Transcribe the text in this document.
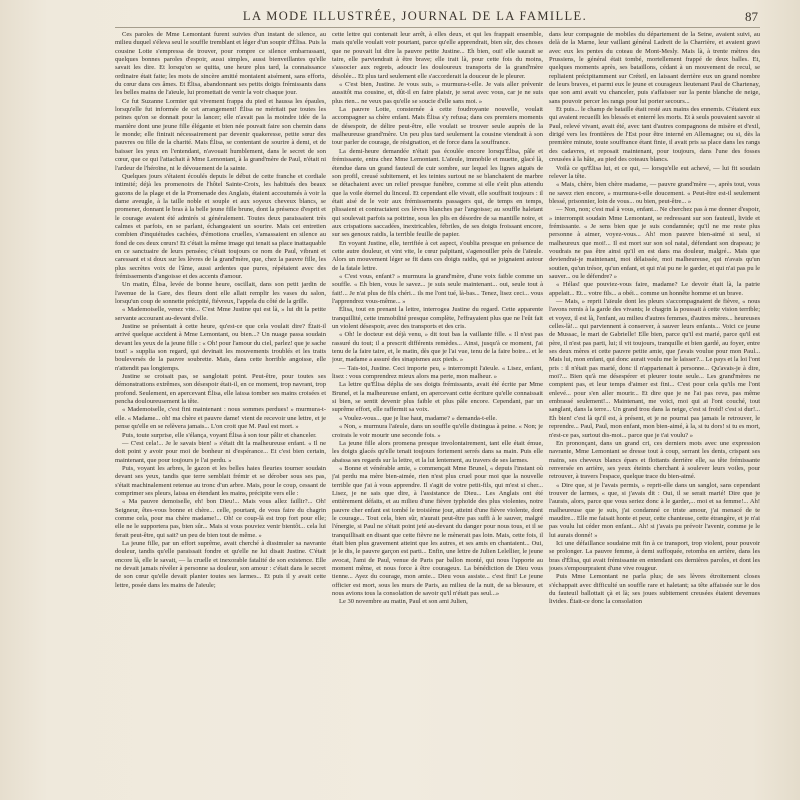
LA MODE ILLUSTRÉE, JOURNAL DE LA FAMILLE.	87

Ces paroles de Mme Lemontant furent suivies d'un instant de silence, au milieu duquel s'éleva seul le souffle tremblant et léger d'un soupir d'Élisa. Puis la cousine Lotte s'empressa de trouver, pour rompre ce silence embarrassant, quelques bonnes paroles d'espoir, aussi simples, aussi bienveillantes qu'elle savait les dire. Et lorsqu'on se quitta, une heure plus tard, la connaissance ordinaire était faite; les mots de sincère amitié montaient aisément, sans efforts, du cœur dans ces âmes. Et Élisa, abandonnant ses petits doigts frémissants dans les belles mains de l'aïeule, lui promettait de venir la voir chaque jour.

Ce fut Suzanne Lormier qui vivement frappa du pied et haussa les épaules, lorsqu'elle fut informée de cet arrangement! Élisa ne méritait par toutes les peines qu'on se donnait pour la lancer; elle n'avait pas la moindre idée de la manière dont une jeune fille élégante et bien née pouvait faire son chemin dans le monde; elle finirait nécessairement par devenir quakeresse, petite sœur des pauvres ou fille de la charité. Mais Élisa, se contentant de sourire à demi, et de baisser les yeux en l'entendant, n'avouait humblement, dans le secret de son cœur, que ce qui l'attachait à Mme Lemontant, à la grand'mère de Paul, n'était ni l'ardeur de l'héroïne, ni le dévouement de la sainte.

Quelques jours s'étaient écoulés depuis le début de cette franche et cordiale intimité; déjà les promenoirs de l'hôtel Sainte-Croix, les habitués des beaux gazons de la plage et de la Promenade des Anglais, étaient accoutumés à voir la dame aveugle, à la taille noble et souple et aux soyeux cheveux blancs, se promener, donnant le bras à la belle jeune fille brune, dont la présence d'esprit et le courage avaient été admirés si généralement. Toutes deux paraissaient très calmes et parfois, en se parlant, échangeaient un sourire. Mais cet entretien combien d'inquiétudes cachées, d'émotions cruelles, s'amassaient en silence au fond de ces deux cœurs! Et c'était la même image qui tenait sa place inattaquable en ce sanctuaire de leurs pensées; c'était toujours ce nom de Paul, vibrant et caressant et si doux sur les lèvres de la grand'mère, que, chez la pauvre fille, les plus secrètes voix de l'âme, aussi ardentes que pures, répétaient avec des frémissements d'angoisse et des accents d'amour.

Un matin, Élisa, levée de bonne heure, oscillait, dans son petit jardin de l'avenue de la Gare, des fleurs dont elle allait remplir les vases du salon, lorsqu'un coup de sonnette précipité, fiévreux, l'appela du côté de la grille.

« Mademoiselle, venez vite... C'est Mme Justine qui est là, » lui dit la petite servante accourant au-devant d'elle.

Justine se présentait à cette heure, qu'est-ce que cela voulait dire? Était-il arrivé quelque accident à Mme Lemontant, ou bien...? Un nuage passa soudain devant les yeux de la jeune fille : « Oh! pour l'amour du ciel, parlez! que je sache tout! » supplia son regard, qui devinait les mouvements troublés et les traits bouleversés de la pauvre soubrette. Mais, dans cette horrible angoisse, elle n'attendit pas longtemps.

Justine se croisait pas, se sanglotait point. Peut-être, pour toutes ses démonstrations extrêmes, son désespoir était-il, en ce moment, trop navrant, trop profond. Seulement, en apercevant Élisa, elle laissa tomber ses mains croisées et pencha douloureusement la tête.

« Mademoiselle, c'est fini maintenant : nous sommes perdues! » murmura-t-elle. « Madame... oh! ma chère et pauvre dame! vient de recevoir une lettre, et je pense qu'elle en se relèvera jamais... L'on croit que M. Paul est mort. »

Puis, toute surprise, elle s'élança, voyant Élisa à son tour pâlir et chanceler.

— C'est cela!... Je le savais bien! » s'était dit la malheureuse enfant. « Il ne doit point y avoir pour moi de bonheur ni d'espérance... Et c'est bien certain, maintenant, que pour toujours je l'ai perdu. »

Puis, voyant les arbres, le gazon et les belles haies fleuries tourner soudain devant ses yeux, tandis que terre semblait frémir et se dérober sous ses pas, s'était machinalement retenue au tronc d'un arbre. Mais, pour le coup, cessant de comprimer ses pleurs, laissa en étendant les mains, précipite vers elle :

« Ma pauvre demoiselle, eh! bon Dieu!... Mais vous allez faillir?... Oh! Seigneur, êtes-vous bonne et chère... celle, pourtant, de vous faire du chagrin comme cela, pour ma chère madame!... Oh! ce coup-là est trop fort pour elle; elle ne le supportera pas, bien sûr... Mais si vous pouviez venir bientôt... cela lui ferait peut-être, qui sait? un peu de bien tout de même. »

La jeune fille, par un effort suprême, avait cherché à dissimuler sa navrante douleur, tandis qu'elle paraissait fondre et qu'elle ne lui disait Justine. C'était encore là, elle le savait, — la cruelle et inexorable fatalité de son existence. Elle ne devait jamais révéler à personne sa douleur, son amour : c'était dans le secret de son cœur qu'elle devait planter toutes ses larmes... Et puis il y avait cette lettre, posée dans les mains de l'aïeule;

cette lettre qui contenait leur arrêt, à elles deux, et qui les frappait ensemble, mais qu'elle voulait voir pourtant, parce qu'elle apprendrait, bien sûr, des choses que ne pouvait lui dire la pauvre petite Justine... Eh bien, oui! elle saurait se taire, elle parviendrait à être brave; elle irait là, pour cette fois du moins, s'associer aux regrets, adoucir les douloureux transports de la grand'mère désolée... Et plus tard seulement elle s'accorderait la douceur de le pleurer.

« C'est bien, Justine. Je vous suis, » murmura-t-elle. Je vais aller prévenir aussitôt ma cousine, et, dût-il en faire plaisir, je serai avec vous, car je ne suis plus rien... ne veux pas qu'elle se soucie d'elle sans moi. »

La pauvre Lotte, consternée à cette foudroyante nouvelle, voulait accompagner sa chère enfant. Mais Élisa s'y refusa; dans ces premiers moments de désespoir, de délire peut-être, elle voulait se trouver seule auprès de la malheureuse grand'mère. Un peu plus tard seulement la cousine viendrait à son tour parler de courage, de résignation, et de force dans la souffrance.

La demi-heure demandée n'était pas écoulée encore lorsqu'Élisa, pâle et frémissante, entra chez Mme Lemontant. L'aïeule, immobile et muette, glacé là, étendue dans un grand fauteuil de cuir sombre, sur lequel les lignes aiguës de son profil, creusé subitement, et les teintes surtout ne se blanchaient de marbre se détachaient avec un relief presque funèbre, comme si elle s'eût plus attendu que la voile éternel du linceul. Et cependant elle vivait, elle souffrait toujours : il était aisé de le voir aux frémissements passagers qui, de temps en temps, plissaient et contractaient ces lèvres blanches par l'angoisse; au souffle haletant qui soulevait parfois sa poitrine, sous les plis en désordre de sa mantille noire, et aux crispations saccadées, inextricables, fébriles, de ses doigts froissant encore, sur ses genoux raidis, la terrible feuille de papier.

En voyant Justine, elle, terrifiée à cet aspect, s'oublia presque en présence de cette autre douleur, et vint vite, le cœur palpitant, s'agenouiller près de l'aïeule. Alors un mouvement léger se fit dans ces doigts raidis, qui se joignaient autour de la fatale lettre.

« C'est vous, enfant? » murmura la grand'mère, d'une voix faible comme un souffle. « Eh bien, vous le savez... je suis seule maintenant... oui, seule tout à fait!... Je n'ai plus de fils chéri... ils me l'ont tué, là-bas... Tenez, lisez ceci... vous l'apprendrez vous-même... »

Élisa, tout en prenant la lettre, interrogea Justine du regard. Cette apparente tranquillité, cette immobilité presque complète, l'effrayaient plus que ne l'eût fait un violent désespoir, avec des transports et des cris.

« Oh! le docteur est déjà venu, » dit tout bas la vaillante fille. « Il n'est pas rassuré du tout; il a prescrit différents remèdes... Ainsi, jusqu'à ce moment, j'ai tenu de la faire taire, et, le matin, dès que je l'ai vue, tenu de la faire boire... et le jour, madame a assuré des sinapismes aux pieds. »

— Tais-toi, Justine. Ceci importe peu, » interrompit l'aïeule. « Lisez, enfant, lisez : vous comprendrez mieux alors ma perte, mon malheur. »

La lettre qu'Élisa déplia de ses doigts frémissants, avait été écrite par Mme Brunel, et la malheureuse enfant, en apercevant cette écriture qu'elle connaissait si bien, se sentit devenir plus faible et plus pâle encore. Cependant, par un suprême effort, elle raffermit sa voix.

« Voulez-vous... que je lise haut, madame? » demanda-t-elle.

« Non, » murmura l'aïeule, dans un souffle qu'elle distingua à peine. « Non; je croirais le voir mourir une seconde fois. »

La jeune fille alors promena presque involontairement, tant elle était émue, les doigts glacés qu'elle tenait toujours fortement serrés dans sa main. Puis elle abaissa ses regards sur la lettre, et la lut lentement, au travers de ses larmes.

« Bonne et vénérable amie, » commençait Mme Brunel, « depuis l'instant où j'ai perdu ma mère bien-aimée, rien n'est plus cruel pour moi que la nouvelle terrible que j'ai à vous apprendre. Il s'agit de votre petit-fils, qui m'est si cher... Lisez, je ne sais que dire, à l'assistance de Dieu... Les Anglais ont été entièrement défaits, et au milieu d'une fièvre typhoïde des plus violentes, notre pauvre cher enfant est tombé le troisième jour, atteint d'une fièvre violente, dont le courage... Tout cela, bien sûr, n'aurait peut-être pas suffi à le sauver, malgré l'énergie, si Paul ne s'était point jeté au-devant du danger pour nous tous, et il se tranquillisait en disant que cette fièvre ne le mènerait pas loin. Mais, cette fois, il était bien plus gravement atteint que les autres, et ses amis en chantaient... Oui, je le dis, le pauvre garçon est parti... Enfin, une lettre de Julien Lelellier, le jeune avocat, l'ami de Paul, venue de Paris par ballon monté, qui nous l'apporte au moment même, et nous force à être courageux. La bénédiction de Dieu vous tienne... Ayez du courage, mon amie... Dieu vous assiste... c'est fini! Le jeune officier est mort, sous les murs de Paris, au milieu de la nuit, de sa blessure, et nous avions tous la consolation de savoir qu'il n'était pas seul...»

Le 30 novembre au matin, Paul et son ami Julien,

dans leur compagnie de mobiles du département de la Seine, avaient suivi, au delà de la Marne, leur vaillant général Ladreit de la Charrière, et avaient gravi avec eux les pentes du coteau de Mont-Mesly. Mais là, à trente mètres des Prussiens, le général était tombé, mortellement frappé de deux balles. Et, quelques moments après, ses bataillons, cédant à un mouvement de recul, se repliaient précipitamment sur Créteil, en laissant derrière eux un grand nombre de leurs braves, et parmi eux le jeune et courageux lieutenant Paul de Chartenay, que son ami avait vu chanceler, puis s'affaisser sur la pente blanche de neige, sans pouvoir percer les rangs pour lui porter secours...

Et puis... le champ de bataille était resté aux mains des ennemis. C'étaient eux qui avaient recueilli les blessés et enterré les morts. Et à seuls pouvaient savoir si Paul, relevé vivant, avait été, avec tant d'autres compagnons de misère et d'exil, dirigé vers les frontières de l'Est pour être interné en Allemagne; ou si, dès la première minute, toute souffrance étant finie, il avait pris sa place dans les rangs des cadavres, et reposait maintenant, pour toujours, dans l'une des fosses creusées à la hâte, au pied des coteaux blancs.

Voilà ce qu'Élisa lut, et ce qui, — lorsqu'elle eut achevé, — lui fit soudain relever la tête.

« Mais, chère, bien chère madame, — pauvre grand'mère —, après tout, vous ne savez rien encore, » murmura-t-elle doucement. « Peut-être est-il seulement blessé, prisonnier, loin de vous... ou bien, peut-être... »

— Non, non; c'est mal à vous, enfant... Ne cherchez pas à me donner d'espoir, » interrompit soudain Mme Lemontant, se redressant sur son fauteuil, livide et frémissante. « Je sens bien que je suis condamnée; qu'il ne me reste plus personne à aimer, voyez-vous... Ah! mon pauvre bien-aimé si seul, si malheureux que moi!... Il est mort sur son sol natal, défendant son drapeau; je voudrais ne pas être ainsi qu'il en est dans ma douleur, malgré... Mais que deviendrai-je maintenant, moi délaissée, moi malheureuse, qui n'avais qu'un soutien, qu'un trésor, qu'un enfant, et qui n'ai pu ne le garder, et qui n'ai pas pu le sauver... ou le défendre? »

« Hélas! que pouviez-vous faire, madame? Le devoir était là, la patrie appelait... Et... votre fils... a obéi... comme un honnête homme et un brave.

— Mais, » reprit l'aïeule dont les pleurs s'accompagnaient de fièvre, « nous l'avons remis à la garde des vivants; le chagrin la poussait à cette vision terrible; et voyez, il est là, l'enfant, au milieu d'autres femmes, d'autres mères... heureuses celles-là!... qui parviennent à conserver, à sauver leurs enfants... Voici ce jeune de Mussac, le mari de Gabrielle! Elle bien, parce qu'il est marié, parce qu'il est père, il n'est pas parti, lui; il vit toujours, tranquille et bien gardé, au foyer, entre ses deux mères et cette pauvre petite amie, que j'avais voulue pour mon Paul... Mais lui, mon enfant, qui donc aurait voulu me le laisser?... Le pays et la loi l'ont pris : il n'était pas marié, donc il n'appartenait à personne... Qu'avais-je à dire, moi?... Bien qu'à me désespérer et pleurer toute seule... Les grand'mères ne comptent pas, et leur temps d'aimer est fini... C'est pour cela qu'ils me l'ont enlevé... pour s'en aller mourir... Et dire que je ne l'ai pas revu, pas même embrassé seulement!... Maintenant, me voici, moi qui ai l'ont couché, tout sanglant, dans la terre... Un grand trou dans la neige, c'est si froid! c'est si dur!... Eh bien! c'est là qu'il est, à présent, et je ne pourrai pas jamais le retrouver, le reprendre... Paul, Paul, mon enfant, mon bien-aimé, à la, si tu dors! si tu es mort, n'est-ce pas, surtout dis-moi... parce que je t'ai voulu? »

En prononçant, dans un grand cri, ces derniers mots avec une expression navrante, Mme Lemontant se dresse tout à coup, serrant les dents, crispant ses mains, ses cheveux blancs épars et flottants derrière elle, sa tête frémissante renversée en arrière, ses yeux éteints cherchant à soulever leurs voiles, pour retrouver, à travers l'espace, quelque trace du bien-aimé.

« Dire que, si je l'avais permis, » reprit-elle dans un sanglot, sans cependant trouver de larmes, « que, si j'avais dit : Oui, il se serait marié! Dire que je l'aurais, alors, parce que vous seriez donc à le garder,... moi et sa femme!... Ah! malheureuse que je suis, j'ai condamné ce triste amour, j'ai menacé de te maudire... Elle me faisait honte et peur, cette chanteuse, cette étrangère, et je n'ai pas voulu lui céder mon enfant... Ah! si j'avais pu prévoir l'avenir, comme je le lui aurais donné! »

Ici une défaillance soudaine mit fin à ce transport, trop violent, pour pouvoir se prolonger. La pauvre femme, à demi suffoquée, retomba en arrière, dans les bras d'Élisa, qui avait frémissante en entendant ces dernières paroles, et dont les joues s'empourpraient d'une vive rougeur.

Puis Mme Lemontant ne parla plus; de ses lèvres étroitement closes s'échappait avec difficulté un souffle rare et haletant; sa tête affaissée sur le dos du fauteuil ballottait çà et là; ses joues subitement creusées étaient devenues livides. Était-ce donc la consolation
